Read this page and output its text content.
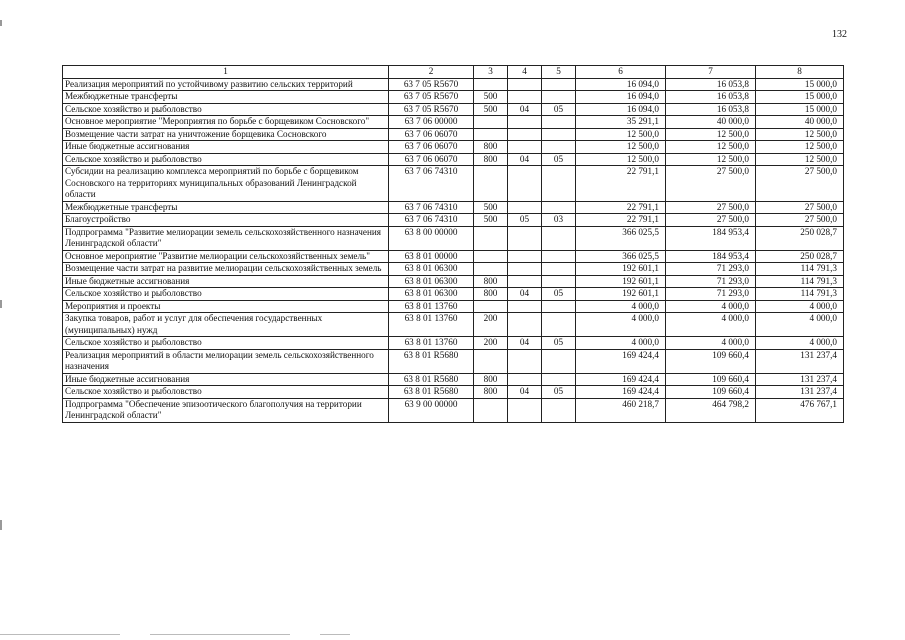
132
1	2	3	4	5	6	7	8
Реализация мероприятий по устойчивому развитию сельских территорий	63 7 05 R5670				16 094,0	16 053,8	15 000,0
Межбюджетные трансферты	63 7 05 R5670	500			16 094,0	16 053,8	15 000,0
Сельское хозяйство и рыболовство	63 7 05 R5670	500	04	05	16 094,0	16 053,8	15 000,0
Основное мероприятие "Мероприятия по борьбе с борщевиком Сосновского"	63 7 06 00000				35 291,1	40 000,0	40 000,0
Возмещение части затрат на уничтожение борщевика Сосновского	63 7 06 06070				12 500,0	12 500,0	12 500,0
Иные бюджетные ассигнования	63 7 06 06070	800			12 500,0	12 500,0	12 500,0
Сельское хозяйство и рыболовство	63 7 06 06070	800	04	05	12 500,0	12 500,0	12 500,0
Субсидии на реализацию комплекса мероприятий по борьбе с борщевиком Сосновского на территориях муниципальных образований Ленинградской области	63 7 06 74310				22 791,1	27 500,0	27 500,0
Межбюджетные трансферты	63 7 06 74310	500			22 791,1	27 500,0	27 500,0
Благоустройство	63 7 06 74310	500	05	03	22 791,1	27 500,0	27 500,0
Подпрограмма "Развитие мелиорации земель сельскохозяйственного назначения Ленинградской области"	63 8 00 00000				366 025,5	184 953,4	250 028,7
Основное мероприятие "Развитие мелиорации сельскохозяйственных земель"	63 8 01 00000				366 025,5	184 953,4	250 028,7
Возмещение части затрат на развитие мелиорации сельскохозяйственных земель	63 8 01 06300				192 601,1	71 293,0	114 791,3
Иные бюджетные ассигнования	63 8 01 06300	800			192 601,1	71 293,0	114 791,3
Сельское хозяйство и рыболовство	63 8 01 06300	800	04	05	192 601,1	71 293,0	114 791,3
Мероприятия и проекты	63 8 01 13760				4 000,0	4 000,0	4 000,0
Закупка товаров, работ и услуг для обеспечения государственных (муниципальных) нужд	63 8 01 13760	200			4 000,0	4 000,0	4 000,0
Сельское хозяйство и рыболовство	63 8 01 13760	200	04	05	4 000,0	4 000,0	4 000,0
Реализация мероприятий в области мелиорации земель сельскохозяйственного назначения	63 8 01 R5680				169 424,4	109 660,4	131 237,4
Иные бюджетные ассигнования	63 8 01 R5680	800			169 424,4	109 660,4	131 237,4
Сельское хозяйство и рыболовство	63 8 01 R5680	800	04	05	169 424,4	109 660,4	131 237,4
Подпрограмма "Обеспечение эпизоотического благополучия на территории Ленинградской области"	63 9 00 00000				460 218,7	464 798,2	476 767,1
